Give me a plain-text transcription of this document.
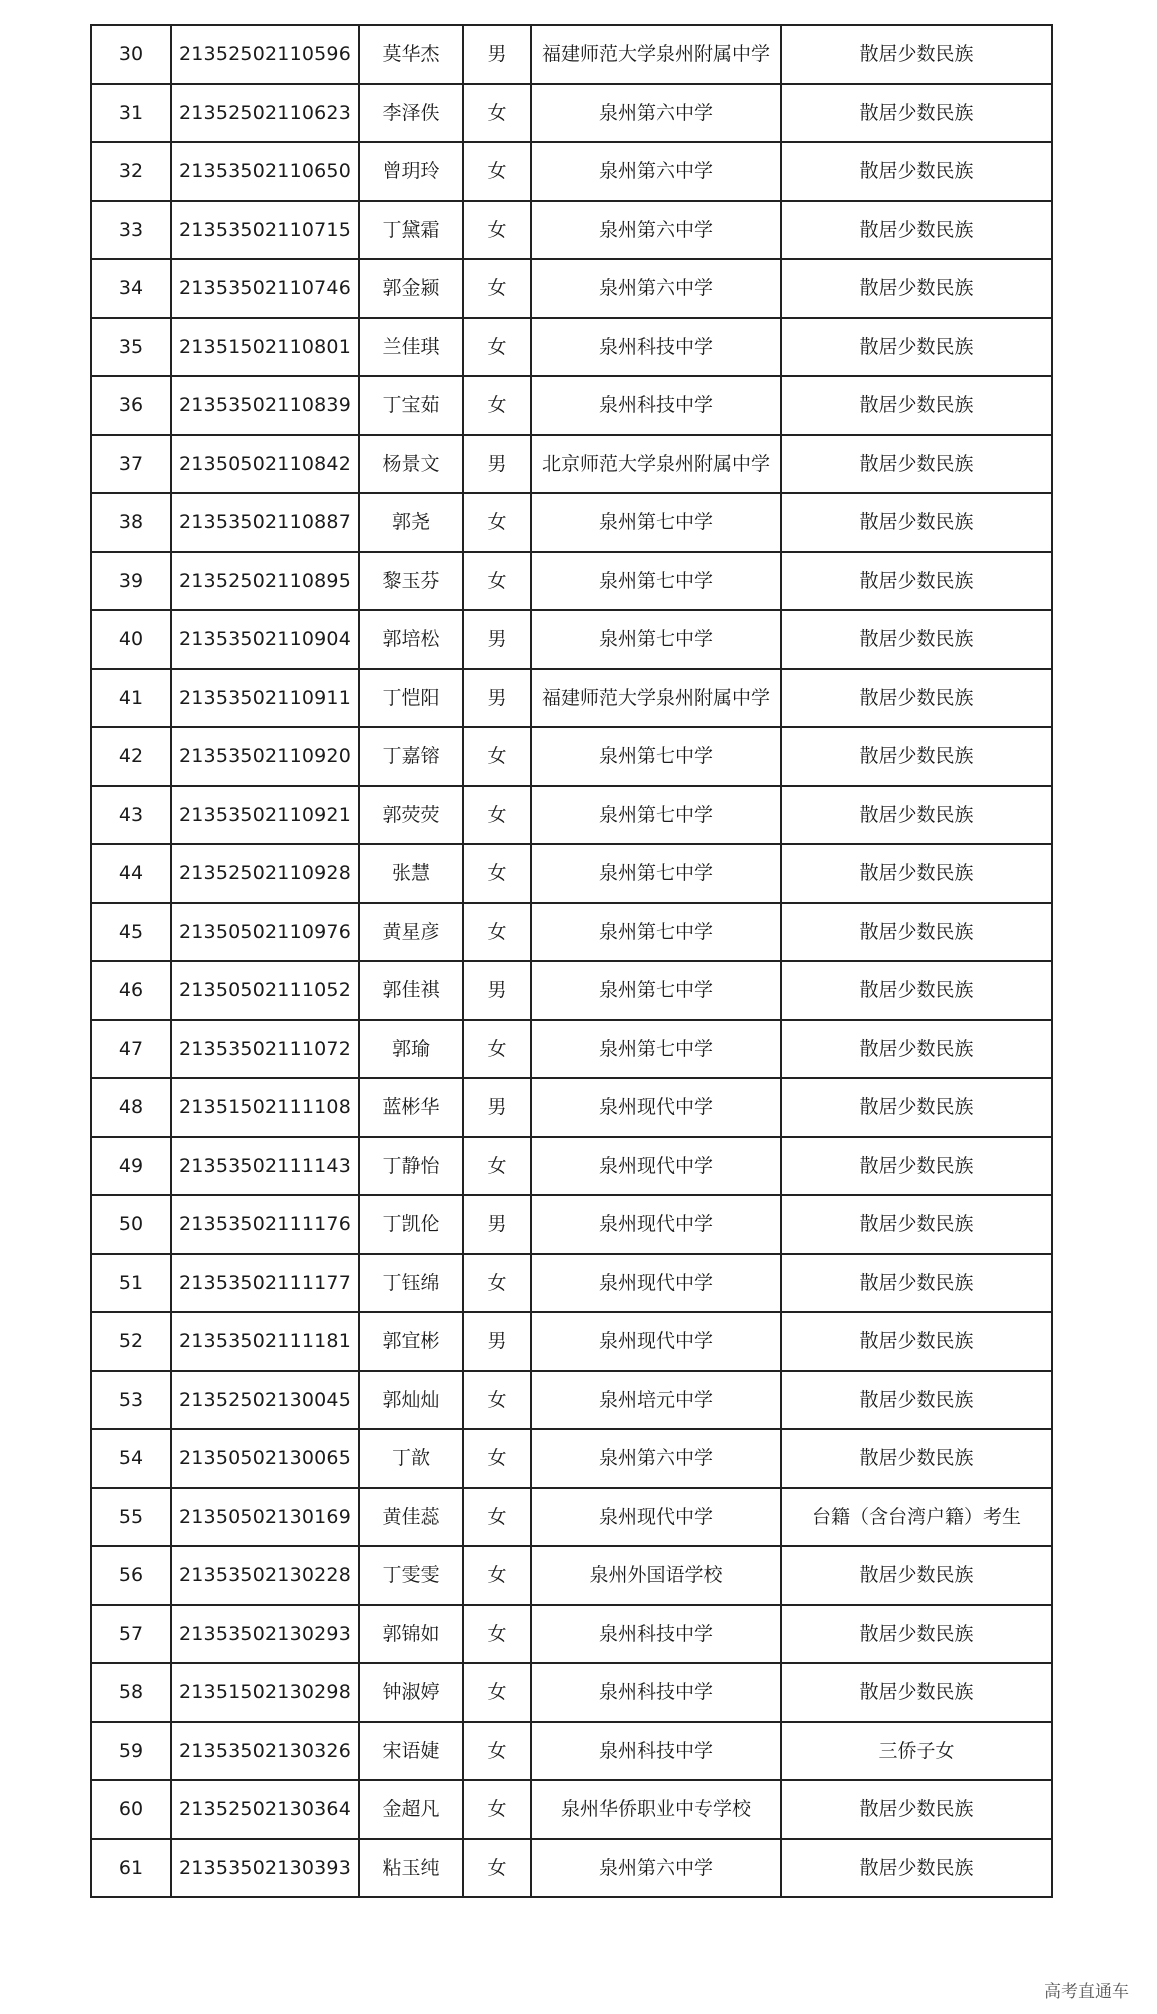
30	21352502110596	莫华杰	男	福建师范大学泉州附属中学	散居少数民族
31	21352502110623	李泽佚	女	泉州第六中学	散居少数民族
32	21353502110650	曾玥玲	女	泉州第六中学	散居少数民族
33	21353502110715	丁黛霜	女	泉州第六中学	散居少数民族
34	21353502110746	郭金颍	女	泉州第六中学	散居少数民族
35	21351502110801	兰佳琪	女	泉州科技中学	散居少数民族
36	21353502110839	丁宝茹	女	泉州科技中学	散居少数民族
37	21350502110842	杨景文	男	北京师范大学泉州附属中学	散居少数民族
38	21353502110887	郭尧	女	泉州第七中学	散居少数民族
39	21352502110895	黎玉芬	女	泉州第七中学	散居少数民族
40	21353502110904	郭培松	男	泉州第七中学	散居少数民族
41	21353502110911	丁恺阳	男	福建师范大学泉州附属中学	散居少数民族
42	21353502110920	丁嘉镕	女	泉州第七中学	散居少数民族
43	21353502110921	郭荧荧	女	泉州第七中学	散居少数民族
44	21352502110928	张慧	女	泉州第七中学	散居少数民族
45	21350502110976	黄星彦	女	泉州第七中学	散居少数民族
46	21350502111052	郭佳祺	男	泉州第七中学	散居少数民族
47	21353502111072	郭瑜	女	泉州第七中学	散居少数民族
48	21351502111108	蓝彬华	男	泉州现代中学	散居少数民族
49	21353502111143	丁静怡	女	泉州现代中学	散居少数民族
50	21353502111176	丁凯伦	男	泉州现代中学	散居少数民族
51	21353502111177	丁钰绵	女	泉州现代中学	散居少数民族
52	21353502111181	郭宜彬	男	泉州现代中学	散居少数民族
53	21352502130045	郭灿灿	女	泉州培元中学	散居少数民族
54	21350502130065	丁歆	女	泉州第六中学	散居少数民族
55	21350502130169	黄佳蕊	女	泉州现代中学	台籍（含台湾户籍）考生
56	21353502130228	丁雯雯	女	泉州外国语学校	散居少数民族
57	21353502130293	郭锦如	女	泉州科技中学	散居少数民族
58	21351502130298	钟淑婷	女	泉州科技中学	散居少数民族
59	21353502130326	宋语婕	女	泉州科技中学	三侨子女
60	21352502130364	金超凡	女	泉州华侨职业中专学校	散居少数民族
61	21353502130393	粘玉纯	女	泉州第六中学	散居少数民族
高考直通车
